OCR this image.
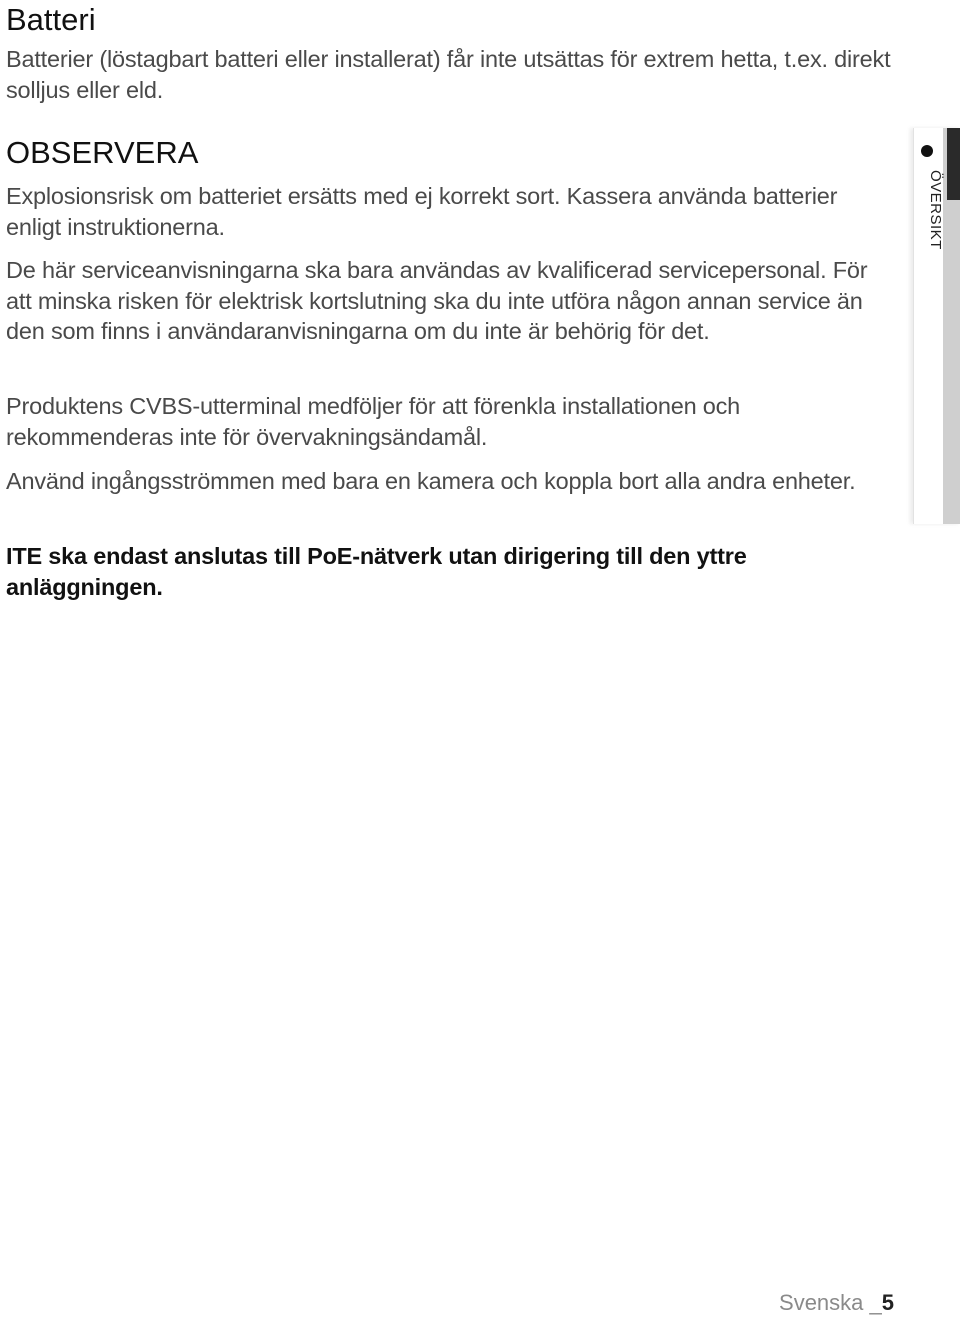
Batteri

Batterier (löstagbart batteri eller installerat) får inte utsättas för extrem hetta, t.ex. direkt solljus eller eld.

OBSERVERA

Explosionsrisk om batteriet ersätts med ej korrekt sort. Kassera använda batterier enligt instruktionerna.

De här serviceanvisningarna ska bara användas av kvalificerad servicepersonal. För att minska risken för elektrisk kortslutning ska du inte utföra någon annan service än den som finns i användaranvisningarna om du inte är behörig för det.

Produktens CVBS-utterminal medföljer för att förenkla installationen och rekommenderas inte för övervakningsändamål.

Använd ingångsströmmen med bara en kamera och koppla bort alla andra enheter.

ITE ska endast anslutas till PoE-nätverk utan dirigering till den yttre anläggningen.

ÖVERSIKT
Svenska _5
